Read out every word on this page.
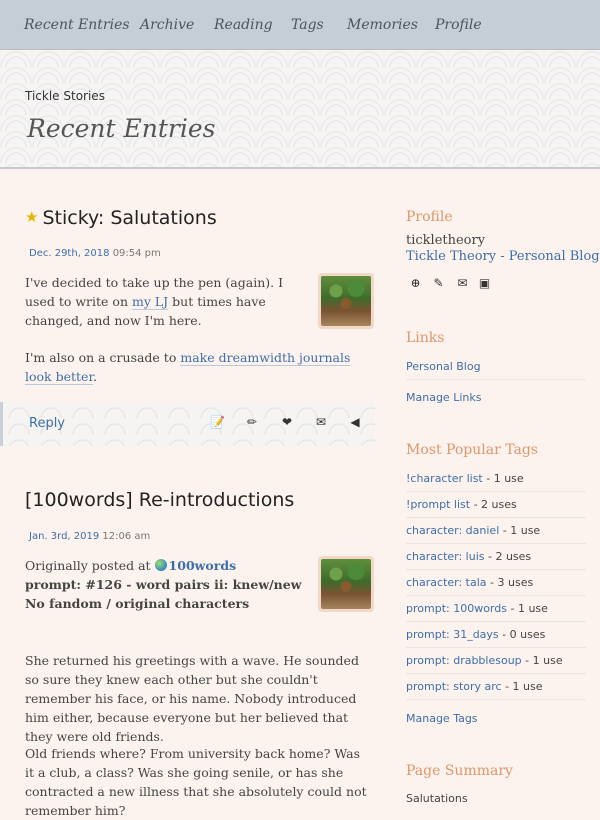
Recent Entries Archive Reading Tags Memories Profile
Tickle Stories
Recent Entries
★ Sticky: Salutations
Dec. 29th, 2018 09:54 pm
I've decided to take up the pen (again). I used to write on my LJ but times have changed, and now I'm here.
I'm also on a crusade to make dreamwidth journals look better.
Reply	📝 ✏ ❤ ✉ ◀
[100words] Re-introductions
Jan. 3rd, 2019 12:06 am
Originally posted at 100words
prompt: #126 - word pairs ii: knew/new
No fandom / original characters
She returned his greetings with a wave. He sounded so sure they knew each other but she couldn't remember his face, or his name. Nobody introduced him either, because everyone but her believed that they were old friends.
Old friends where? From university back home? Was it a club, a class? Was she going senile, or has she contracted a new illness that she absolutely could not remember him?
Profile
tickletheory
Tickle Theory - Personal Blog
⊕ ✎ ✉ ▣
Links
Personal Blog
Manage Links
Most Popular Tags
!character list - 1 use
!prompt list - 2 uses
character: daniel - 1 use
character: luis - 2 uses
character: tala - 3 uses
prompt: 100words - 1 use
prompt: 31_days - 0 uses
prompt: drabblesoup - 1 use
prompt: story arc - 1 use
Manage Tags
Page Summary
Salutations
